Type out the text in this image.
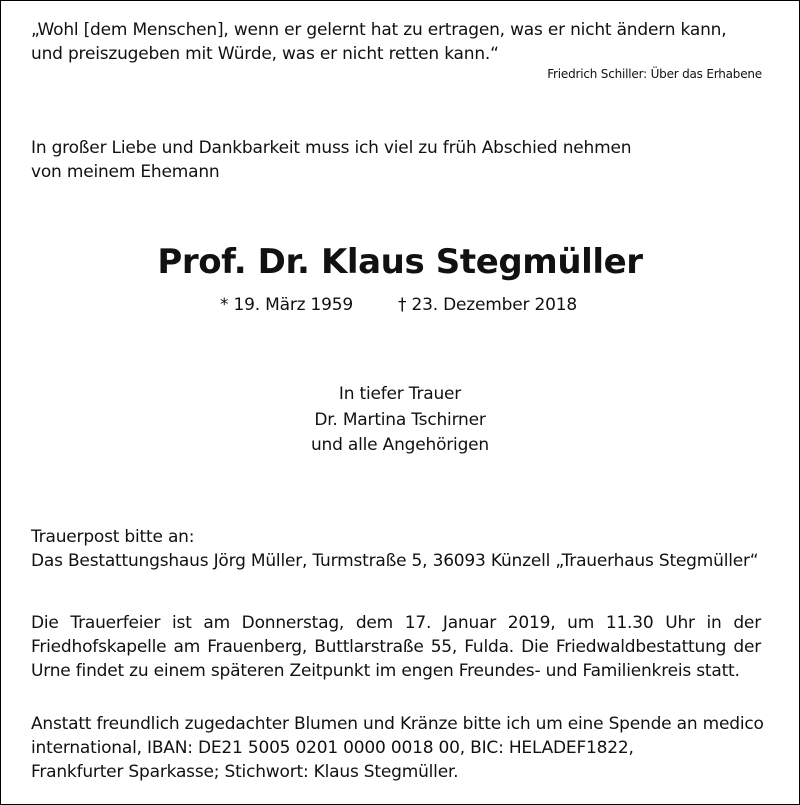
„Wohl [dem Menschen], wenn er gelernt hat zu ertragen, was er nicht ändern kann,
und preiszugeben mit Würde, was er nicht retten kann.“
Friedrich Schiller: Über das Erhabene
In großer Liebe und Dankbarkeit muss ich viel zu früh Abschied nehmen
von meinem Ehemann
Prof. Dr. Klaus Stegmüller
* 19. März 1959	† 23. Dezember 2018
In tiefer Trauer
Dr. Martina Tschirner
und alle Angehörigen
Trauerpost bitte an:
Das Bestattungshaus Jörg Müller, Turmstraße 5, 36093 Künzell „Trauerhaus Stegmüller“
Die Trauerfeier ist am Donnerstag, dem 17. Januar 2019, um 11.30 Uhr in der Friedhofskapelle am Frauenberg, Buttlarstraße 55, Fulda. Die Friedwaldbestattung der Urne findet zu einem späteren Zeitpunkt im engen Freundes- und Familienkreis statt.
Anstatt freundlich zugedachter Blumen und Kränze bitte ich um eine Spende an medico
international, IBAN: DE21 5005 0201 0000 0018 00, BIC: HELADEF1822,
Frankfurter Sparkasse; Stichwort: Klaus Stegmüller.
